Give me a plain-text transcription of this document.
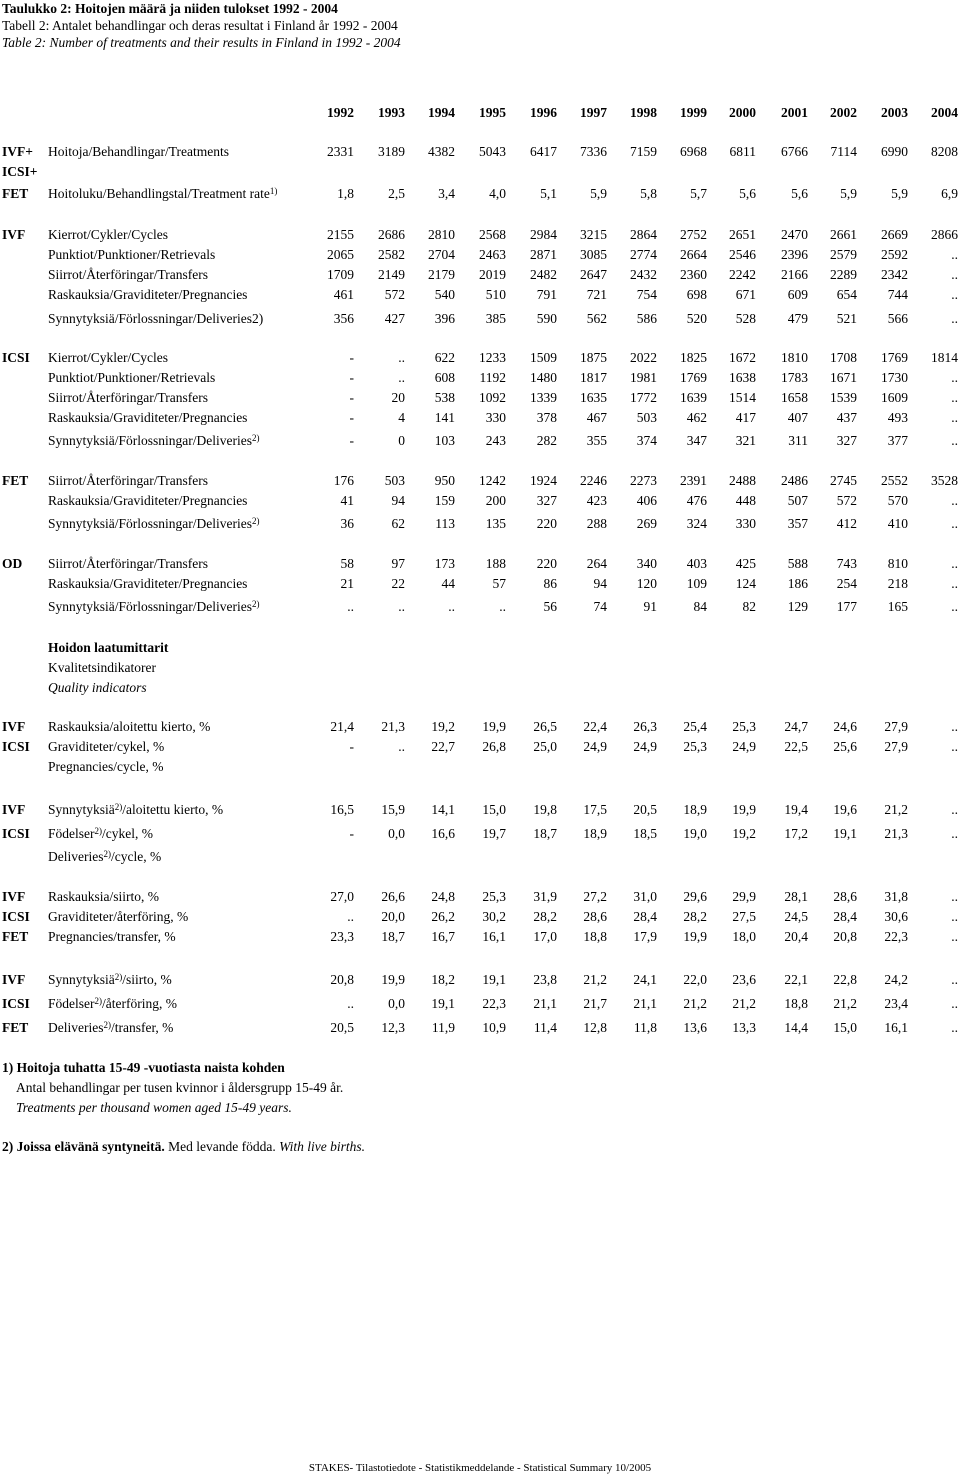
Taulukko 2: Hoitojen määrä ja niiden tulokset 1992 - 2004
Tabell 2: Antalet behandlingar och deras resultat i Finland år 1992 - 2004
Table 2: Number of treatments and their results in Finland in 1992 - 2004
1992	1993	1994	1995	1996	1997	1998	1999	2000	2001	2002	2003	2004
IVF+ Hoitoja/Behandlingar/Treatments	2331	3189	4382	5043	6417	7336	7159	6968	6811	6766	7114	6990	8208
ICSI+
FET Hoitoluku/Behandlingstal/Treatment rate$^{1)}$	1,8	2,5	3,4	4,0	5,1	5,9	5,8	5,7	5,6	5,6	5,9	5,9	6,9
IVF Kierrot/Cykler/Cycles	2155	2686	2810	2568	2984	3215	2864	2752	2651	2470	2661	2669	2866
Punktiot/Punktioner/Retrievals	2065	2582	2704	2463	2871	3085	2774	2664	2546	2396	2579	2592	..
Siirrot/Återföringar/Transfers	1709	2149	2179	2019	2482	2647	2432	2360	2242	2166	2289	2342	..
Raskauksia/Graviditeter/Pregnancies	461	572	540	510	791	721	754	698	671	609	654	744	..
Synnytyksiä/Förlossningar/Deliveries2)	356	427	396	385	590	562	586	520	528	479	521	566	..
ICSI Kierrot/Cykler/Cycles	-	..	622	1233	1509	1875	2022	1825	1672	1810	1708	1769	1814
Punktiot/Punktioner/Retrievals	-	..	608	1192	1480	1817	1981	1769	1638	1783	1671	1730	..
Siirrot/Återföringar/Transfers	-	20	538	1092	1339	1635	1772	1639	1514	1658	1539	1609	..
Raskauksia/Graviditeter/Pregnancies	-	4	141	330	378	467	503	462	417	407	437	493	..
Synnytyksiä/Förlossningar/Deliveries$^{2)}$	-	0	103	243	282	355	374	347	321	311	327	377	..
FET Siirrot/Återföringar/Transfers	176	503	950	1242	1924	2246	2273	2391	2488	2486	2745	2552	3528
Raskauksia/Graviditeter/Pregnancies	41	94	159	200	327	423	406	476	448	507	572	570	..
Synnytyksiä/Förlossningar/Deliveries$^{2)}$	36	62	113	135	220	288	269	324	330	357	412	410	..
OD Siirrot/Återföringar/Transfers	58	97	173	188	220	264	340	403	425	588	743	810	..
Raskauksia/Graviditeter/Pregnancies	21	22	44	57	86	94	120	109	124	186	254	218	..
Synnytyksiä/Förlossningar/Deliveries$^{2)}$	..	..	..	..	56	74	91	84	82	129	177	165	..
IVF Raskauksia/aloitettu kierto, %	21,4	21,3	19,2	19,9	26,5	22,4	26,3	25,4	25,3	24,7	24,6	27,9	..
ICSI Graviditeter/cykel, %	-	..	22,7	26,8	25,0	24,9	24,9	25,3	24,9	22,5	25,6	27,9	..
Pregnancies/cycle, %
IVF Synnytyksiä$^{2)}$/aloitettu kierto, %	16,5	15,9	14,1	15,0	19,8	17,5	20,5	18,9	19,9	19,4	19,6	21,2	..
ICSI Födelser$^{2)}$/cykel, %	-	0,0	16,6	19,7	18,7	18,9	18,5	19,0	19,2	17,2	19,1	21,3	..
Deliveries$^{2)}$/cycle, %
IVF Raskauksia/siirto, %	27,0	26,6	24,8	25,3	31,9	27,2	31,0	29,6	29,9	28,1	28,6	31,8	..
ICSI Graviditeter/återföring, %	..	20,0	26,2	30,2	28,2	28,6	28,4	28,2	27,5	24,5	28,4	30,6	..
FET Pregnancies/transfer, %	23,3	18,7	16,7	16,1	17,0	18,8	17,9	19,9	18,0	20,4	20,8	22,3	..
IVF Synnytyksiä$^{2)}$/siirto, %	20,8	19,9	18,2	19,1	23,8	21,2	24,1	22,0	23,6	22,1	22,8	24,2	..
ICSI Födelser$^{2)}$/återföring, %	..	0,0	19,1	22,3	21,1	21,7	21,1	21,2	21,2	18,8	21,2	23,4	..
FET Deliveries$^{2)}$/transfer, %	20,5	12,3	11,9	10,9	11,4	12,8	11,8	13,6	13,3	14,4	15,0	16,1	..
Hoidon laatumittarit
Kvalitetsindikatorer
Quality indicators
1) Hoitoja tuhatta 15-49 -vuotiasta naista kohden
Antal behandlingar per tusen kvinnor i åldersgrupp 15-49 år.
Treatments per thousand women aged 15-49 years.
2) Joissa elävänä syntyneitä. Med levande födda. With live births.
STAKES- Tilastotiedote - Statistikmeddelande - Statistical Summary 10/2005
